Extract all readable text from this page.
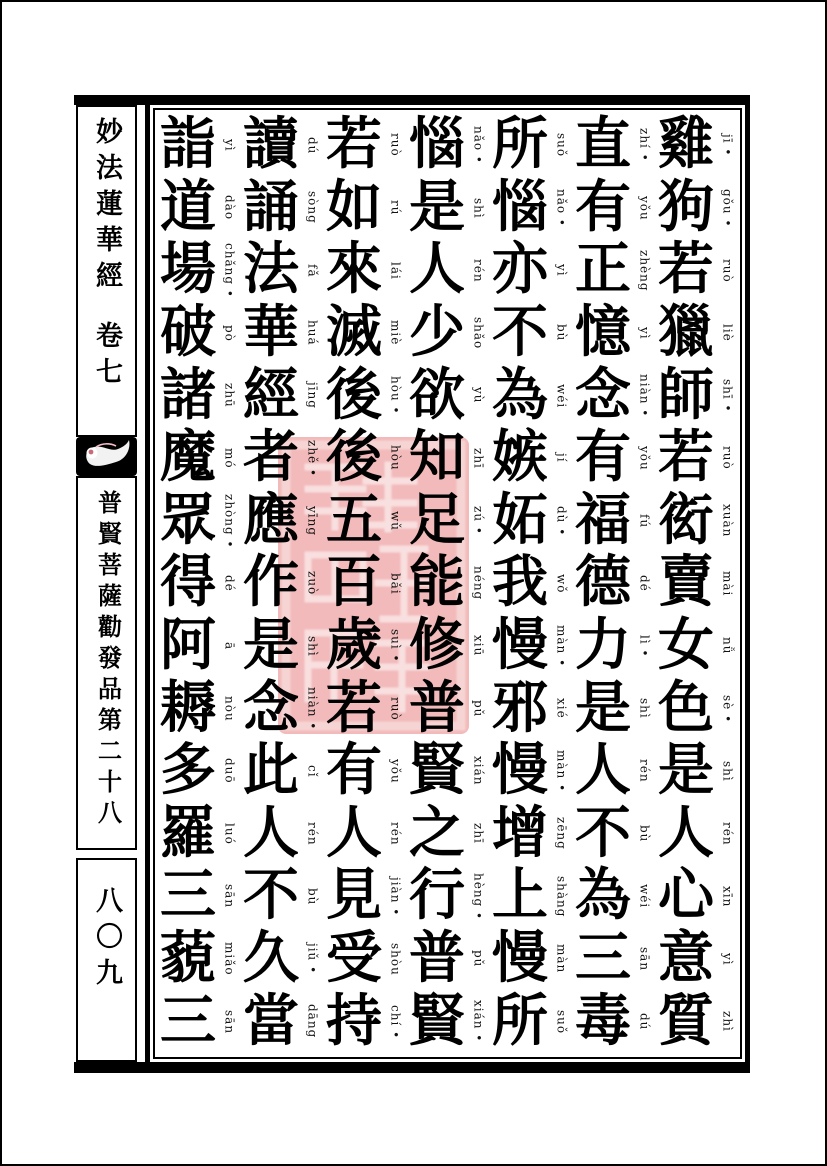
妙法蓮華經卷七
普賢菩薩勸發品第二十八
八〇九
雞 jī •
狗 gǒu •
若 ruò
獵 liè
師 shī •
若 ruò
衒 xuàn
賣 mài
女 nǚ
色 sè •
是 shì
人 rén
心 xīn
意 yì
質 zhì
直 zhí •
有 yǒu
正 zhèng
憶 yì
念 niàn •
有 yǒu
福 fú
德 dé
力 lì •
是 shì
人 rén
不 bù
為 wéi
三 sān
毒 dú
所 suǒ
惱 nǎo •
亦 yì
不 bù
為 wéi
嫉 jí
妬 dù •
我 wǒ
慢 màn •
邪 xié
慢 màn •
增 zēng
上 shàng
慢 màn
所 suǒ
惱 nǎo •
是 shì
人 rén
少 shǎo
欲 yù
知 zhī
足 zú •
能 néng
修 xiū
普 pǔ
賢 xián
之 zhī
行 hèng •
普 pǔ
賢 xián •
若 ruò
如 rú
來 lái
滅 miè
後 hòu •
後 hòu
五 wǔ
百 bǎi
歲 suì •
若 ruò
有 yǒu
人 rén
見 jiàn •
受 shòu
持 chí •
讀 dú
誦 sòng
法 fǎ
華 huá
經 jīng
者 zhě •
應 yīng
作 zuò
是 shì
念 niàn •
此 cǐ
人 rén
不 bù
久 jiǔ •
當 dāng
詣 yì
道 dào
場 chǎng •
破 pò
諸 zhū
魔 mó
眾 zhòng •
得 dé
阿 ā
耨 nòu
多 duō
羅 luó
三 sān
藐 miǎo
三 sān
